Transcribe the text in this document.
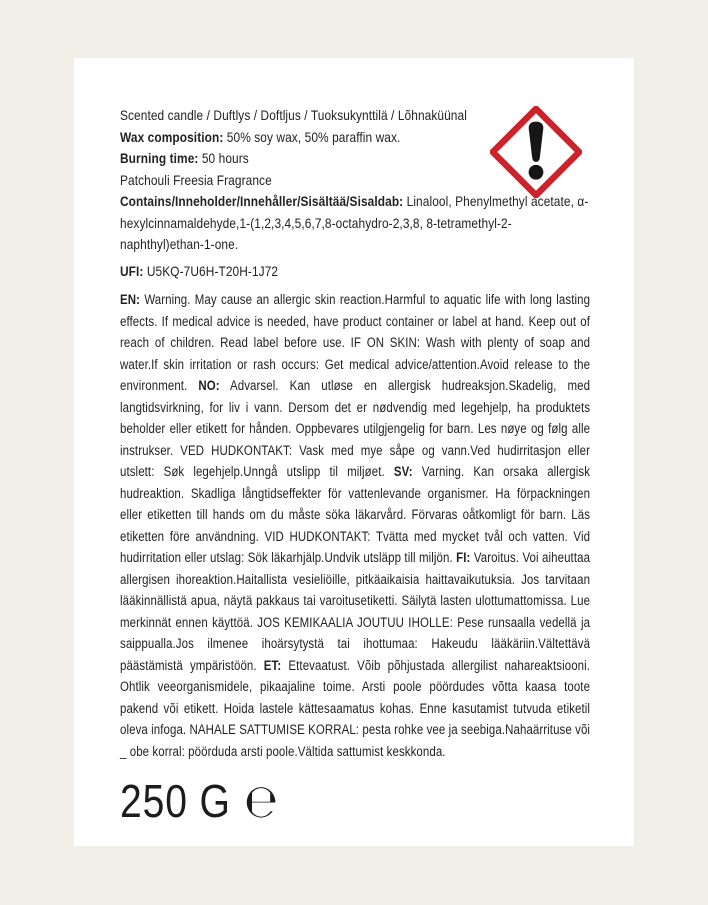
Scented candle / Duftlys / Doftljus / Tuoksukynttilä / Lõhnaküünal
Wax composition: 50% soy wax, 50% paraffin wax.
Burning time: 50 hours
Patchouli Freesia Fragrance
Contains/Inneholder/Innehåller/Sisältää/Sisaldab: Linalool, Phenylmethyl acetate, α-hexylcinnamaldehyde,1-(1,2,3,4,5,6,7,8-octahydro-2,3,8, 8-tetramethyl-2-naphthyl)ethan-1-one.
UFI: U5KQ-7U6H-T20H-1J72
EN: Warning. May cause an allergic skin reaction.Harmful to aquatic life with long lasting effects. If medical advice is needed, have product container or label at hand. Keep out of reach of children. Read label before use. IF ON SKIN: Wash with plenty of soap and water.If skin irritation or rash occurs: Get medical advice/attention.Avoid release to the environment. NO: Advarsel. Kan utløse en allergisk hudreaksjon.Skadelig, med langtidsvirkning, for liv i vann. Dersom det er nødvendig med legehjelp, ha produktets beholder eller etikett for hånden. Oppbevares utilgjengelig for barn. Les nøye og følg alle instrukser. VED HUDKONTAKT: Vask med mye såpe og vann.Ved hudirritasjon eller utslett: Søk legehjelp.Unngå utslipp til miljøet. SV: Varning. Kan orsaka allergisk hudreaktion. Skadliga långtidseffekter för vattenlevande organismer. Ha förpackningen eller etiketten till hands om du måste söka läkarvård. Förvaras oåtkomligt för barn. Läs etiketten före användning. VID HUDKONTAKT: Tvätta med mycket tvål och vatten. Vid hudirritation eller utslag: Sök läkarhjälp.Undvik utsläpp till miljön. FI: Varoitus. Voi aiheuttaa allergisen ihoreaktion.Haitallista vesieliöille, pitkäaikaisia haittavaikutuksia. Jos tarvitaan lääkinnällistä apua, näytä pakkaus tai varoitusetiketti. Säilytä lasten ulottumattomissa. Lue merkinnät ennen käyttöä. JOS KEMIKAALIA JOUTUU IHOLLE: Pese runsaalla vedellä ja saippualla.Jos ilmenee ihoärsytystä tai ihottumaa: Hakeudu lääkäriin.Vältettävä päästämistä ympäristöön. ET: Ettevaatust. Võib põhjustada allergilist nahareaktsiooni. Ohtlik veeorganismidele, pikaajaline toime. Arsti poole pöördudes võtta kaasa toote pakend või etikett. Hoida lastele kättesaamatus kohas. Enne kasutamist tutvuda etiketil oleva infoga. NAHALE SATTUMISE KORRAL: pesta rohke vee ja seebiga.Nahaärrituse või _ obe korral: pöörduda arsti poole.Vältida sattumist keskkonda.
250 G ℮
